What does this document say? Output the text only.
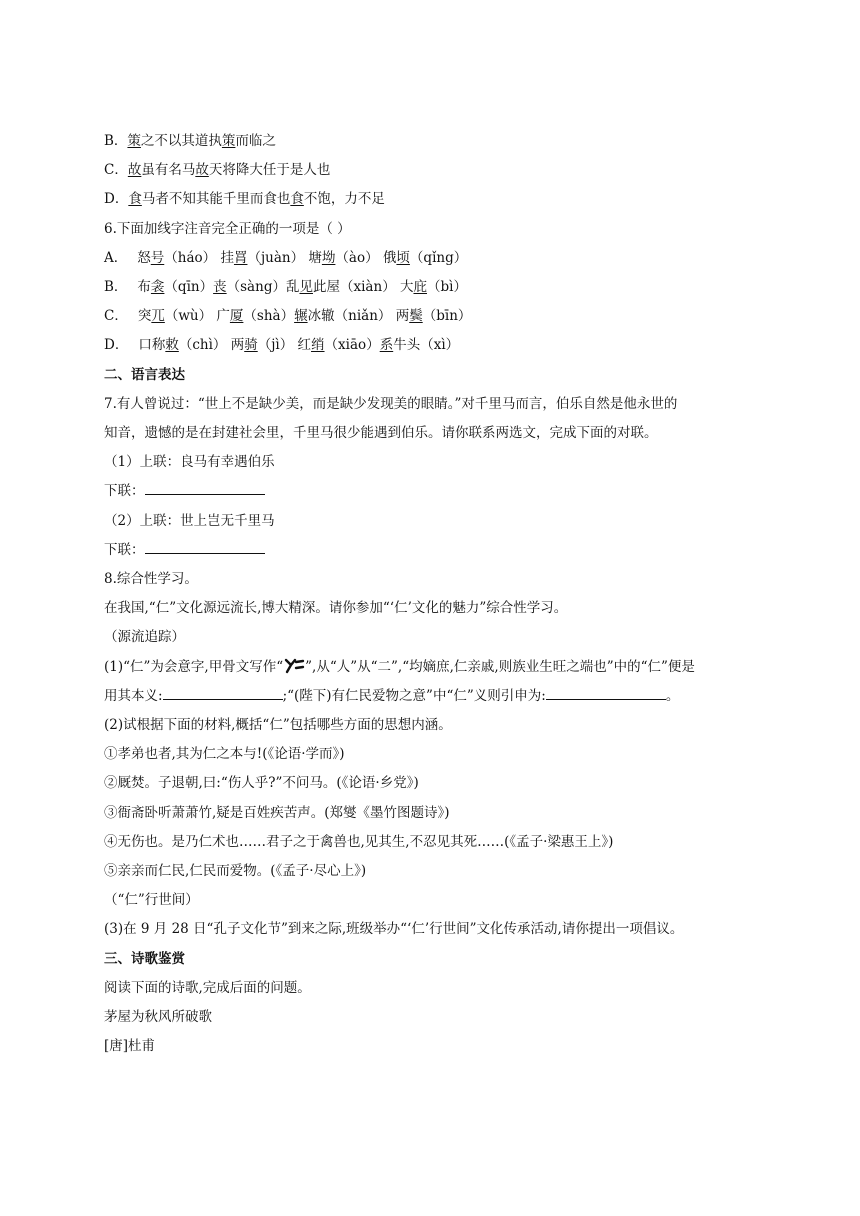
B．策之不以其道执策而临之
C．故虽有名马故天将降大任于是人也
D．食马者不知其能千里而食也食不饱，力不足
6.下面加线字注音完全正确的一项是（ ）
A． 怒号（háo） 挂罥（juàn） 塘坳（ào） 俄顷（qǐng）
B． 布衾（qīn）丧（sàng）乱见此屋（xiàn） 大庇（bì）
C． 突兀（wù） 广厦（shà）辗冰辙（niǎn） 两鬓（bīn）
D． 口称敕（chì） 两骑（jì） 红绡（xiāo）系牛头（xì）
二、语言表达
7.有人曾说过：“世上不是缺少美，而是缺少发现美的眼睛。”对千里马而言，伯乐自然是他永世的
知音，遗憾的是在封建社会里，千里马很少能遇到伯乐。请你联系两选文，完成下面的对联。
（1）上联：良马有幸遇伯乐
下联：
（2）上联：世上岂无千里马
下联：
8.综合性学习。
在我国,“仁”文化源远流长,博大精深。请你参加“‘仁’文化的魅力”综合性学习。
（源流追踪）
(1)“仁”为会意字,甲骨文写作“ ”,从“人”从“二”,“均嫡庶,仁亲戚,则族业生旺之端也”中的“仁”便是
用其本义:	;“(陛下)有仁民爱物之意”中“仁”义则引申为:	。
(2)试根据下面的材料,概括“仁”包括哪些方面的思想内涵。
①孝弟也者,其为仁之本与!(《论语·学而》)
②厩焚。子退朝,曰:“伤人乎?”不问马。(《论语·乡党》)
③衙斋卧听萧萧竹,疑是百姓疾苦声。(郑燮《墨竹图题诗》)
④无伤也。是乃仁术也……君子之于禽兽也,见其生,不忍见其死……(《孟子·梁惠王上》)
⑤亲亲而仁民,仁民而爱物。(《孟子·尽心上》)
（“仁”行世间）
(3)在 9 月 28 日“孔子文化节”到来之际,班级举办“‘仁’行世间”文化传承活动,请你提出一项倡议。
三、诗歌鉴赏
阅读下面的诗歌,完成后面的问题。
茅屋为秋风所破歌
[唐]杜甫
